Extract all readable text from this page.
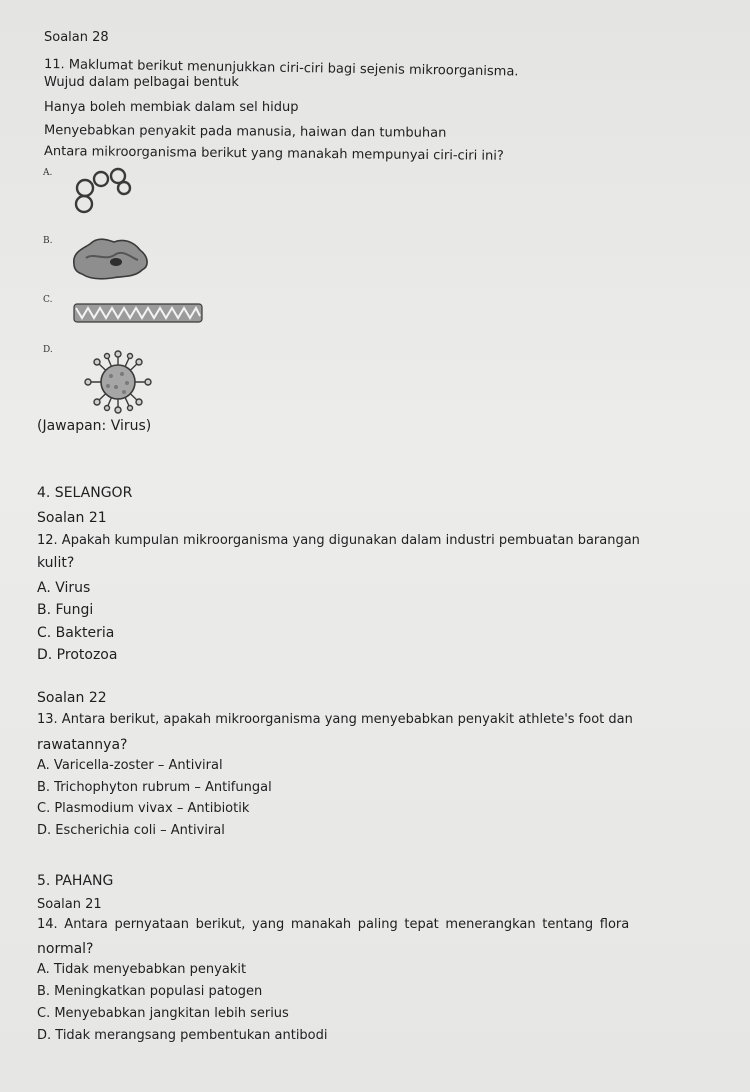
Soalan 28

11. Maklumat berikut menunjukkan ciri-ciri bagi sejenis mikroorganisma.

Wujud dalam pelbagai bentuk

Hanya boleh membiak dalam sel hidup

Menyebabkan penyakit pada manusia, haiwan dan tumbuhan

Antara mikroorganisma berikut yang manakah mempunyai ciri-ciri ini?

A.

B.

C.

D.

(Jawapan: Virus)

4. SELANGOR

Soalan 21

12. Apakah kumpulan mikroorganisma yang digunakan dalam industri pembuatan barangan

kulit?

A. Virus

B. Fungi

C. Bakteria

D. Protozoa

Soalan 22

13. Antara berikut, apakah mikroorganisma yang menyebabkan penyakit athlete's foot dan

rawatannya?

A. Varicella-zoster – Antiviral

B. Trichophyton rubrum – Antifungal

C. Plasmodium vivax – Antibiotik

D. Escherichia coli – Antiviral

5. PAHANG

Soalan 21

14. Antara pernyataan berikut, yang manakah paling tepat menerangkan tentang flora

normal?

A. Tidak menyebabkan penyakit

B. Meningkatkan populasi patogen

C. Menyebabkan jangkitan lebih serius

D. Tidak merangsang pembentukan antibodi
